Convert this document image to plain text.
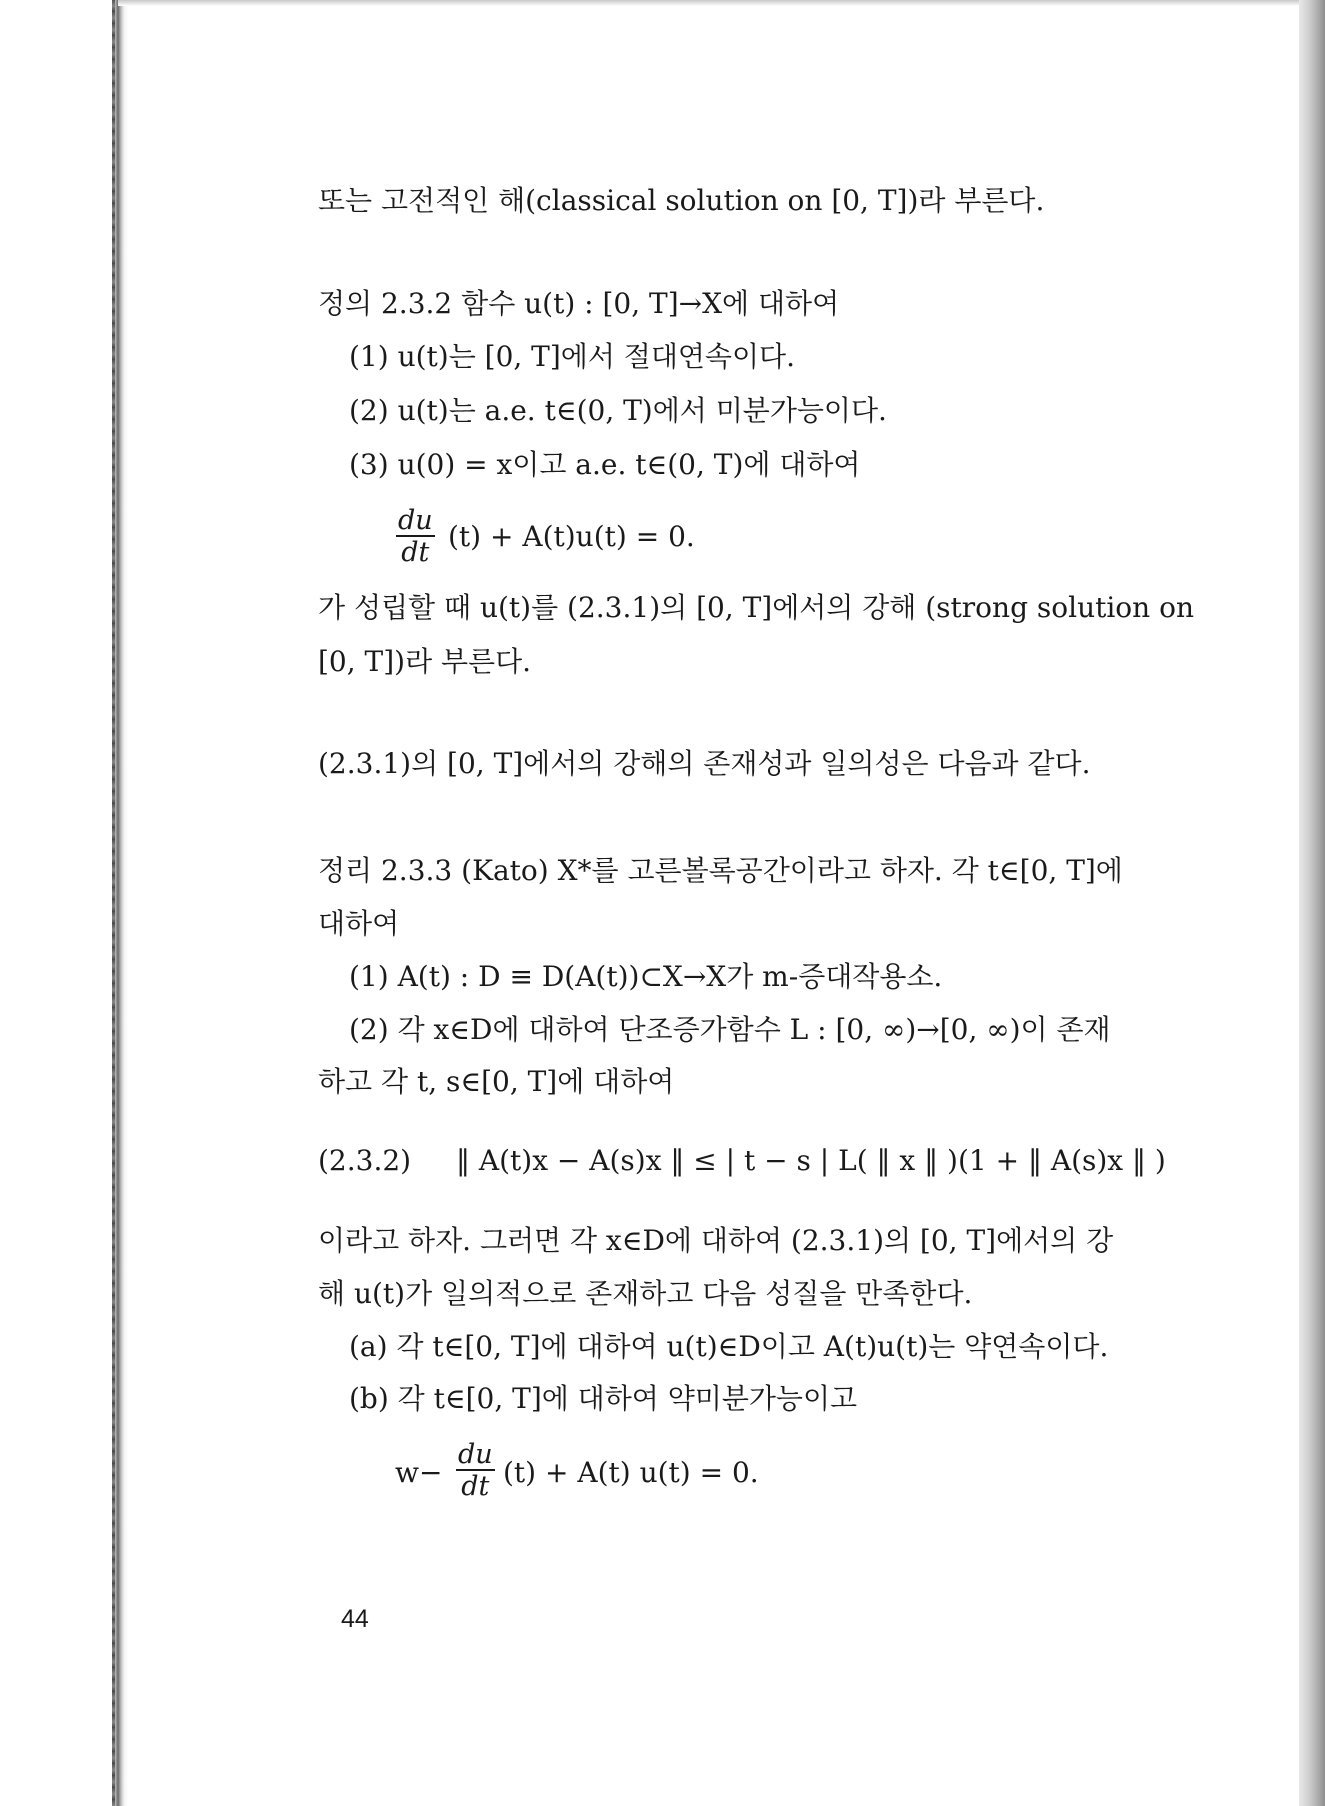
또는 고전적인 해(classical solution on [0, T])라 부른다.
정의 2.3.2 함수 u(t) : [0, T]→X에 대하여
(1) u(t)는 [0, T]에서 절대연속이다.
(2) u(t)는 a.e. t∈(0, T)에서 미분가능이다.
(3) u(0) = x이고 a.e. t∈(0, T)에 대하여
$\frac{du}{dt} (t) + A(t)u(t) = 0$.
가 성립할 때 u(t)를 (2.3.1)의 [0, T]에서의 강해 (strong solution on
[0, T])라 부른다.
(2.3.1)의 [0, T]에서의 강해의 존재성과 일의성은 다음과 같다.
정리 2.3.3 (Kato) X*를 고른볼록공간이라고 하자. 각 t∈[0, T]에
대하여
(1) A(t) : D ≡ D(A(t))⊂X→X가 m-증대작용소.
(2) 각 x∈D에 대하여 단조증가함수 L : [0, ∞)→[0, ∞)이 존재
하고 각 t, s∈[0, T]에 대하여
(2.3.2) ‖ A(t)x − A(s)x ‖ ≤ | t − s | L( ‖ x ‖ )(1 + ‖ A(s)x ‖ )
이라고 하자. 그러면 각 x∈D에 대하여 (2.3.1)의 [0, T]에서의 강
해 u(t)가 일의적으로 존재하고 다음 성질을 만족한다.
(a) 각 t∈[0, T]에 대하여 u(t)∈D이고 A(t)u(t)는 약연속이다.
(b) 각 t∈[0, T]에 대하여 약미분가능이고
$w- \frac{du}{dt} (t) + A(t) u(t) = 0$.
44
